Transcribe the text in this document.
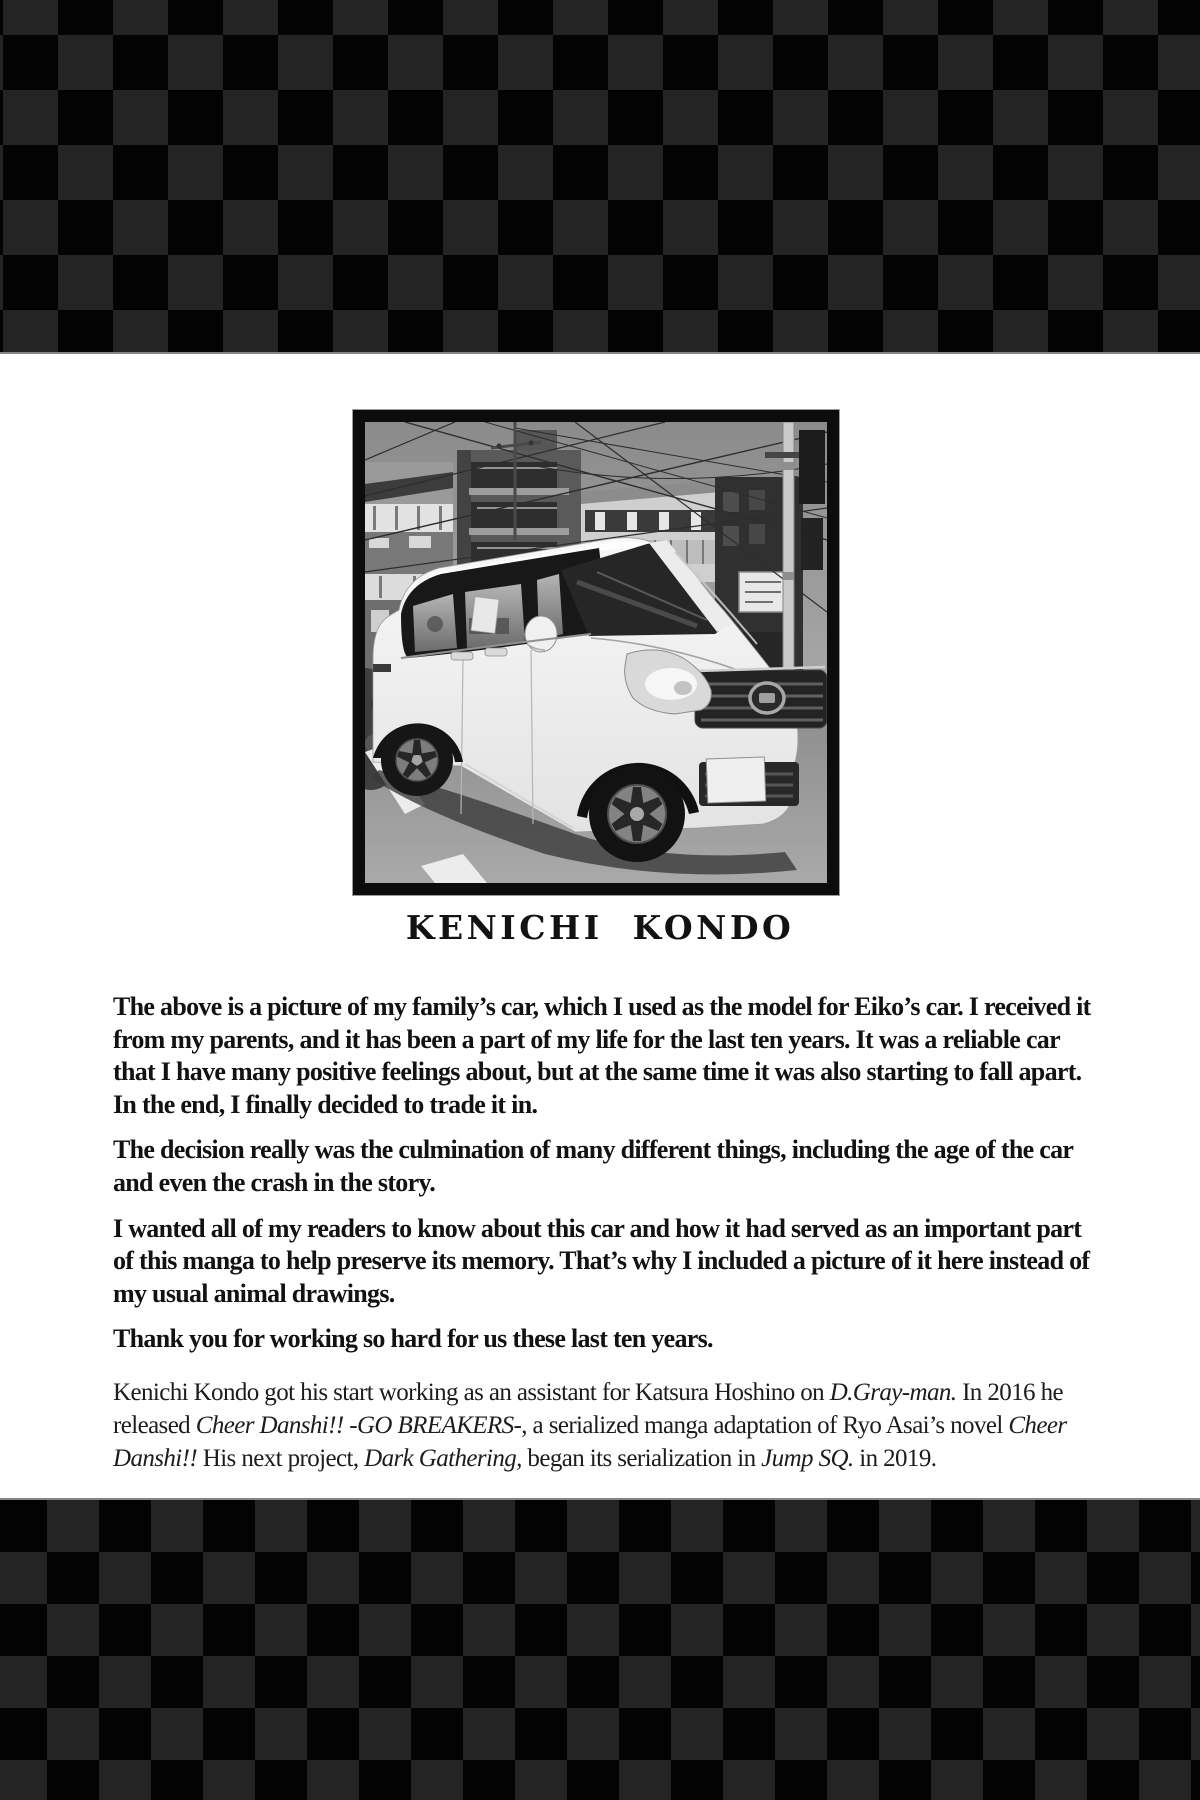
KENICHI KONDO

The above is a picture of my family’s car, which I used as the model for Eiko’s car. I received it from my parents, and it has been a part of my life for the last ten years. It was a reliable car that I have many positive feelings about, but at the same time it was also starting to fall apart. In the end, I finally decided to trade it in.

The decision really was the culmination of many different things, including the age of the car and even the crash in the story.

I wanted all of my readers to know about this car and how it had served as an important part of this manga to help preserve its memory. That’s why I included a picture of it here instead of my usual animal drawings.

Thank you for working so hard for us these last ten years.

Kenichi Kondo got his start working as an assistant for Katsura Hoshino on D.Gray-man. In 2016 he released Cheer Danshi!! -GO BREAKERS-, a serialized manga adaptation of Ryo Asai’s novel Cheer Danshi!! His next project, Dark Gathering, began its serialization in Jump SQ. in 2019.
